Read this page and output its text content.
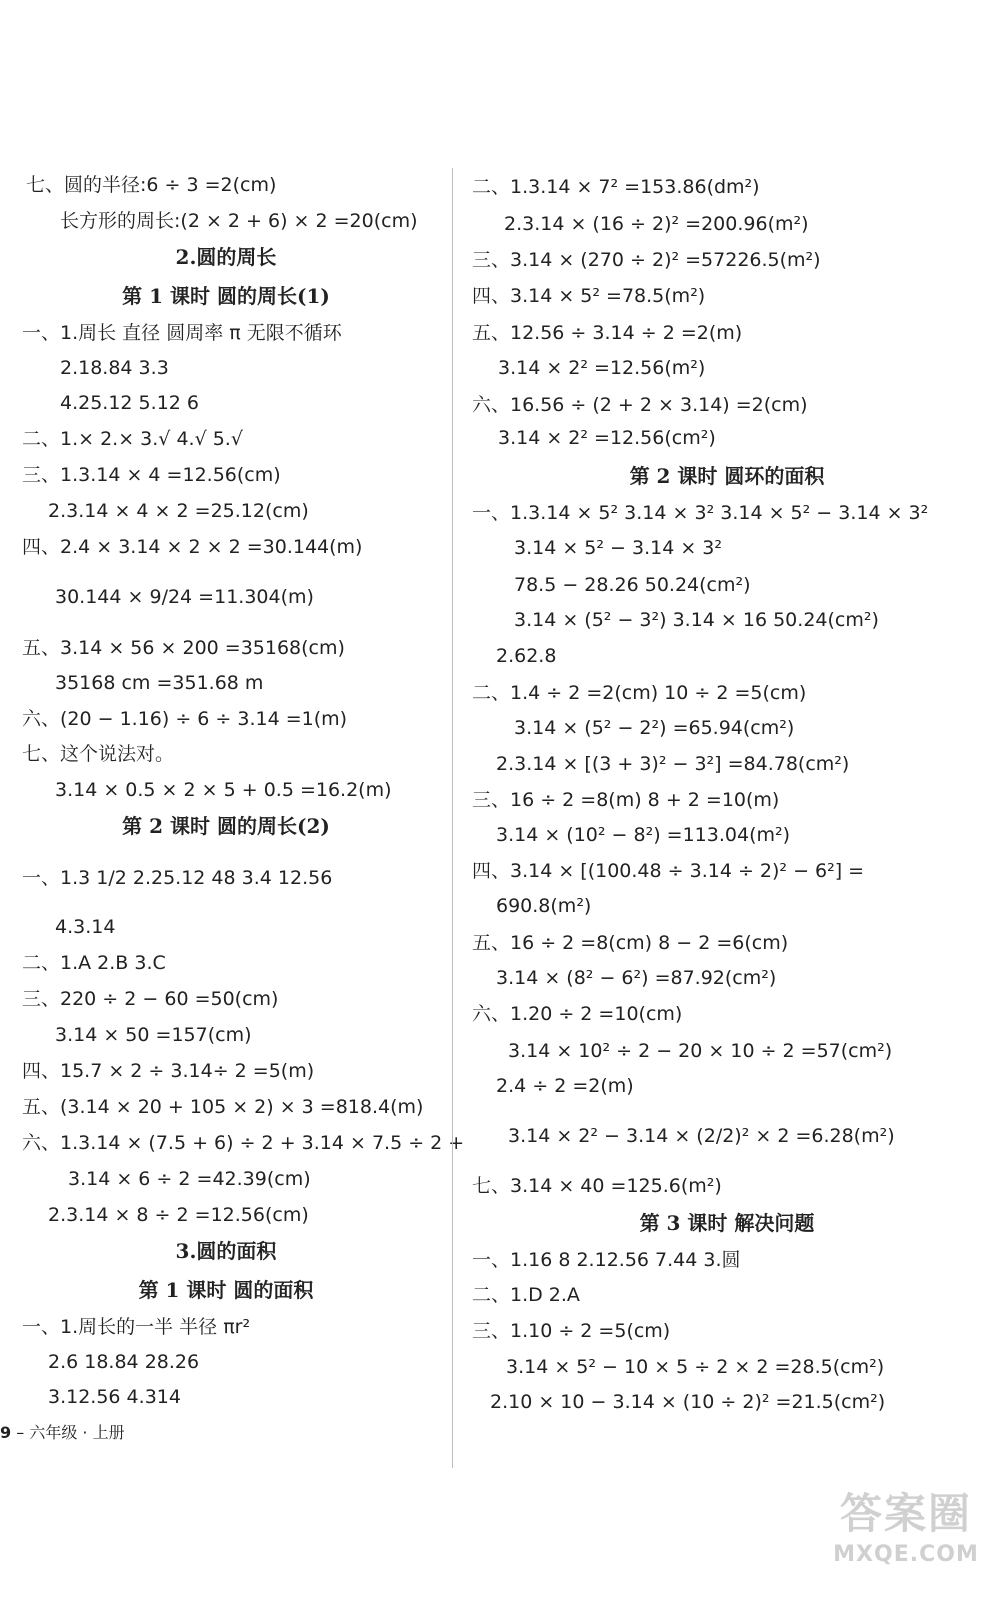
七、圆的半径:6 ÷ 3 =2(cm)
长方形的周长:(2 × 2 + 6) × 2 =20(cm)
2.圆的周长
第 1 课时 圆的周长(1)
一、1.周长 直径 圆周率 π 无限不循环
2.18.84 3.3
4.25.12 5.12 6
二、1.× 2.× 3.√ 4.√ 5.√
三、1.3.14 × 4 =12.56(cm)
2.3.14 × 4 × 2 =25.12(cm)
四、2.4 × 3.14 × 2 × 2 =30.144(m)
30.144 × 9/24 =11.304(m)
五、3.14 × 56 × 200 =35168(cm)
35168 cm =351.68 m
六、(20 − 1.16) ÷ 6 ÷ 3.14 =1(m)
七、这个说法对。
3.14 × 0.5 × 2 × 5 + 0.5 =16.2(m)
第 2 课时 圆的周长(2)
一、1.3 1/2 2.25.12 48 3.4 12.56
4.3.14
二、1.A 2.B 3.C
三、220 ÷ 2 − 60 =50(cm)
3.14 × 50 =157(cm)
四、15.7 × 2 ÷ 3.14÷ 2 =5(m)
五、(3.14 × 20 + 105 × 2) × 3 =818.4(m)
六、1.3.14 × (7.5 + 6) ÷ 2 + 3.14 × 7.5 ÷ 2 +
3.14 × 6 ÷ 2 =42.39(cm)
2.3.14 × 8 ÷ 2 =12.56(cm)
3.圆的面积
第 1 课时 圆的面积
一、1.周长的一半 半径 πr²
2.6 18.84 28.26
3.12.56 4.314
二、1.3.14 × 7² =153.86(dm²)
2.3.14 × (16 ÷ 2)² =200.96(m²)
三、3.14 × (270 ÷ 2)² =57226.5(m²)
四、3.14 × 5² =78.5(m²)
五、12.56 ÷ 3.14 ÷ 2 =2(m)
3.14 × 2² =12.56(m²)
六、16.56 ÷ (2 + 2 × 3.14) =2(cm)
3.14 × 2² =12.56(cm²)
第 2 课时 圆环的面积
一、1.3.14 × 5² 3.14 × 3² 3.14 × 5² − 3.14 × 3²
3.14 × 5² − 3.14 × 3²
78.5 − 28.26 50.24(cm²)
3.14 × (5² − 3²) 3.14 × 16 50.24(cm²)
2.62.8
二、1.4 ÷ 2 =2(cm) 10 ÷ 2 =5(cm)
3.14 × (5² − 2²) =65.94(cm²)
2.3.14 × [(3 + 3)² − 3²] =84.78(cm²)
三、16 ÷ 2 =8(m) 8 + 2 =10(m)
3.14 × (10² − 8²) =113.04(m²)
四、3.14 × [(100.48 ÷ 3.14 ÷ 2)² − 6²] =
690.8(m²)
五、16 ÷ 2 =8(cm) 8 − 2 =6(cm)
3.14 × (8² − 6²) =87.92(cm²)
六、1.20 ÷ 2 =10(cm)
3.14 × 10² ÷ 2 − 20 × 10 ÷ 2 =57(cm²)
2.4 ÷ 2 =2(m)
3.14 × 2² − 3.14 × (2/2)² × 2 =6.28(m²)
七、3.14 × 40 =125.6(m²)
第 3 课时 解决问题
一、1.16 8 2.12.56 7.44 3.圆
二、1.D 2.A
三、1.10 ÷ 2 =5(cm)
3.14 × 5² − 10 × 5 ÷ 2 × 2 =28.5(cm²)
2.10 × 10 − 3.14 × (10 ÷ 2)² =21.5(cm²)
9 – 六年级 · 上册
答案圈
MXQE.COM
